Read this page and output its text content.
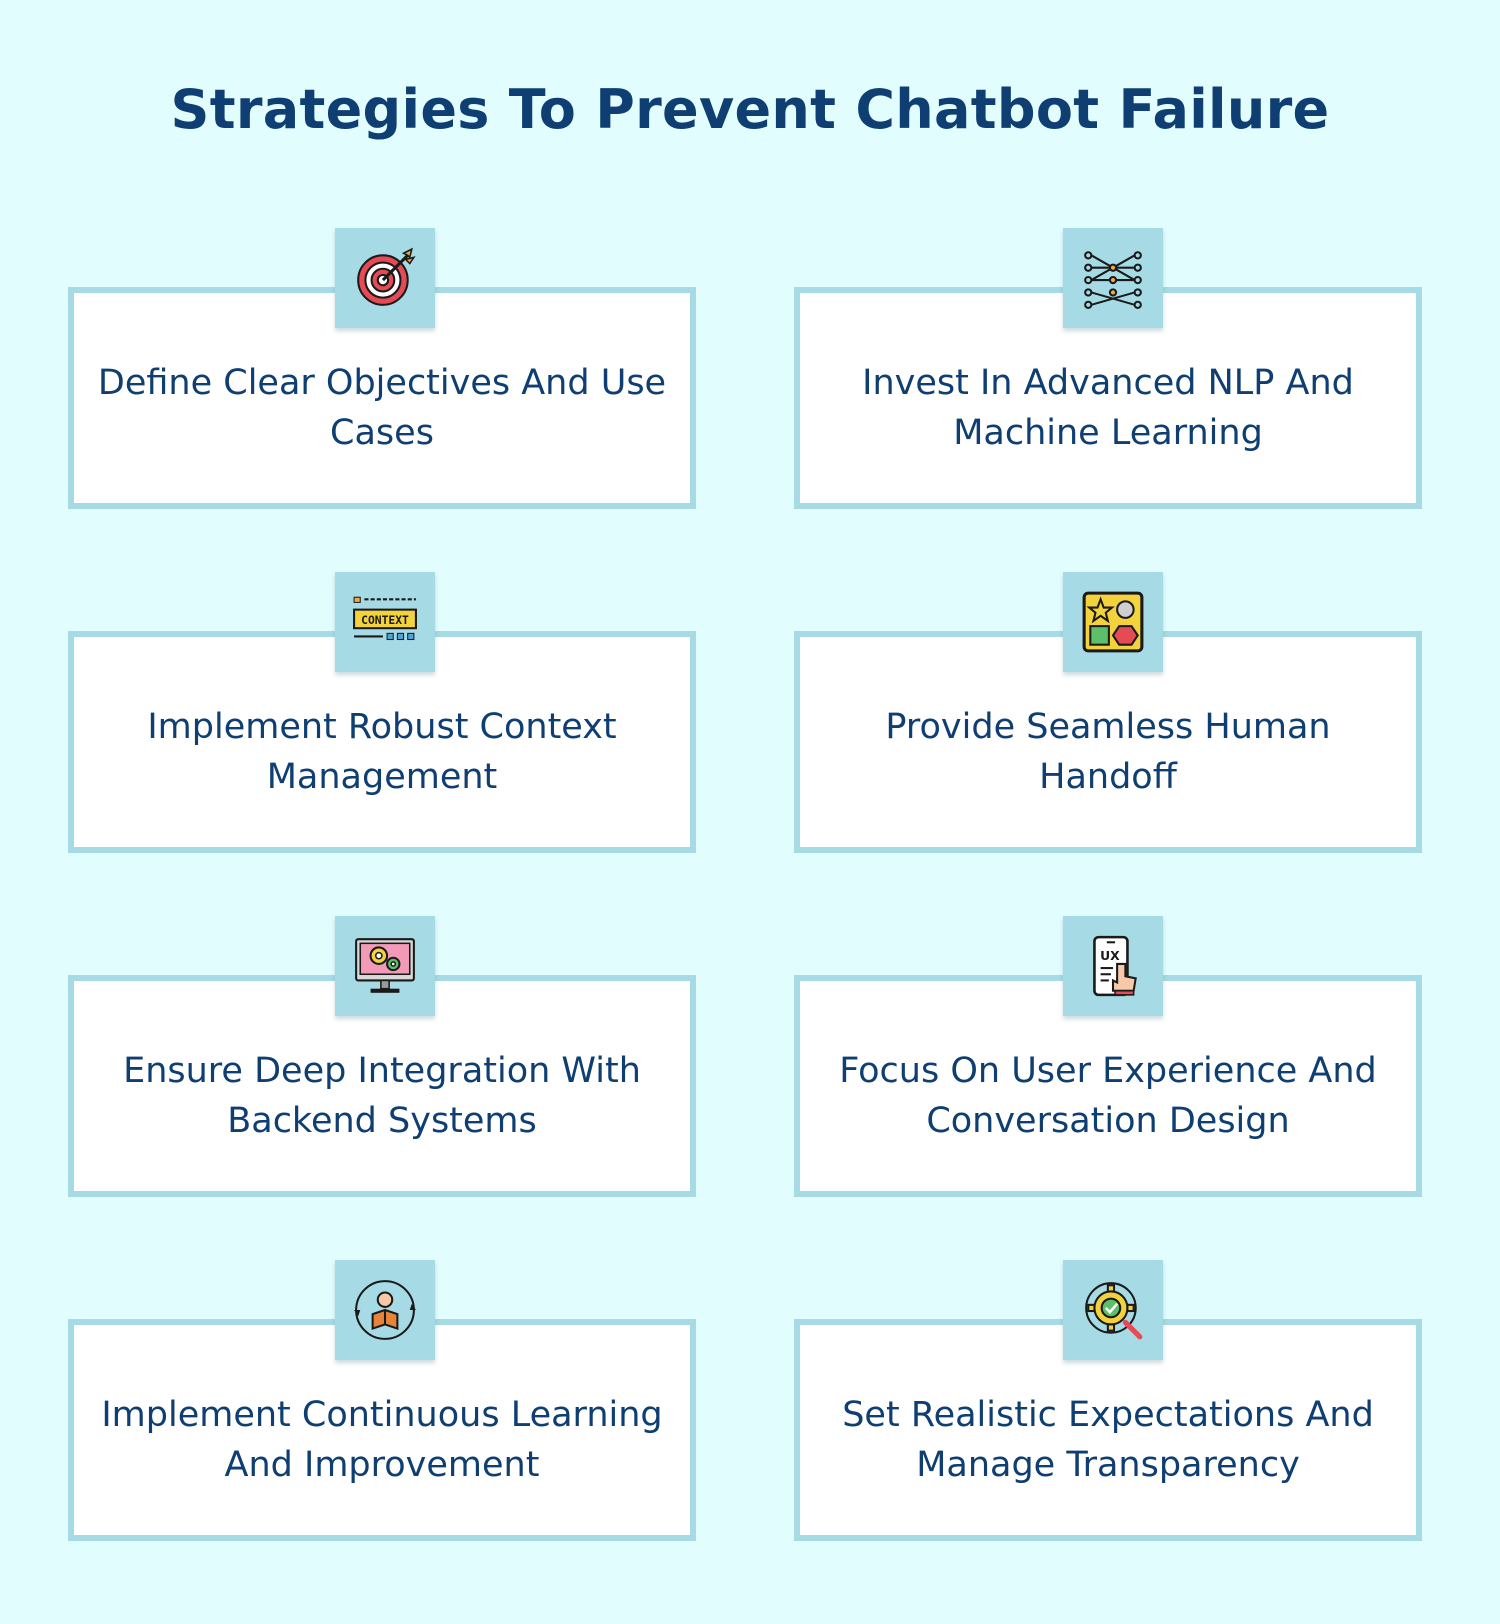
Strategies To Prevent Chatbot Failure
Define Clear Objectives And Use Cases
Invest In Advanced NLP And Machine Learning
Implement Robust Context Management
CONTEXT
Provide Seamless Human Handoff
Ensure Deep Integration With Backend Systems
Focus On User Experience And Conversation Design
UX
Implement Continuous Learning And Improvement
Set Realistic Expectations And Manage Transparency
